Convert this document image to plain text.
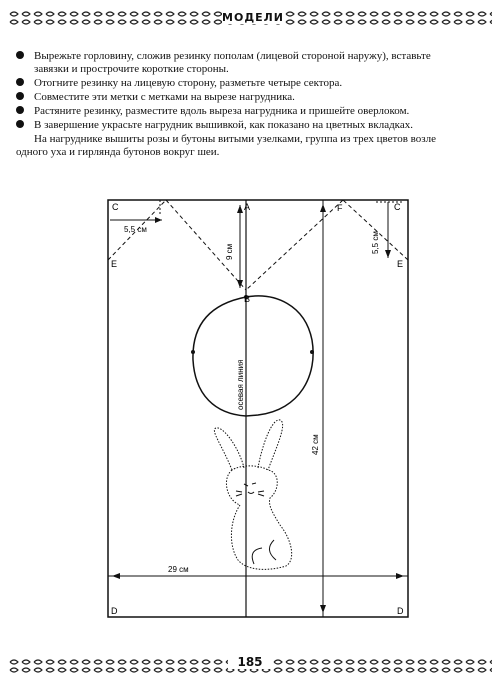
МОДЕЛИ
Вырежьте горловину, сложив резинку пополам (лицевой стороной наружу), вставьте завязки и прострочите короткие стороны.
Отогните резинку на лицевую сторону, разметьте четыре сектора.
Совместите эти метки с метками на вырезе нагрудника.
Растяните резинку, разместите вдоль выреза нагрудника и пришейте оверлоком.
В завершение украсьте нагрудник вышивкой, как показано на цветных вкладках.

На нагруднике вышиты розы и бутоны витыми узелками, группа из трех цветов возле одного уха и гирлянда бутонов вокруг шеи.

C	C
A	F
B
E	E
D	D
5,5 см
5,5 см
9 см
42 см
29 см
осевая линия
185
